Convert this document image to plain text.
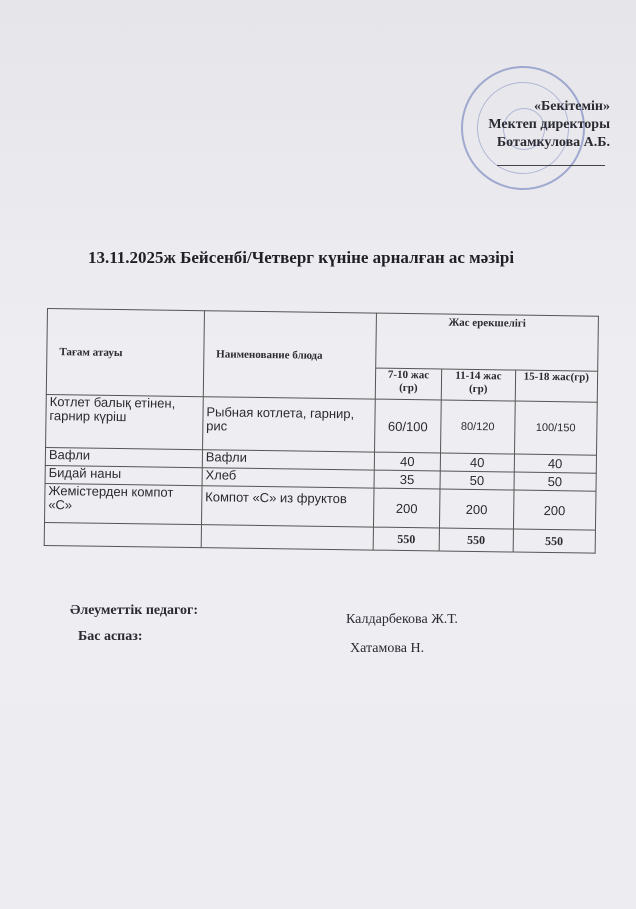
«Бекітемін»
Мектеп директоры
Ботамкулова А.Б.
13.11.2025ж Бейсенбі/Четверг күніне арналған ас мәзірі
Тағам атауы	Наименование блюда	Жас ерекшелігі		
		7-10 жас (гр)	11-14 жас (гр)	15-18 жас(гр)
Котлет балық етінен, гарнир күріш	Рыбная котлета, гарнир, рис	60/100	80/120	100/150
Вафли	Вафли	40	40	40
Бидай наны	Хлеб	35	50	50
Жемістерден компот «С»	Компот «С» из фруктов	200	200	200
		550	550	550
Әлеуметтік педагог:
Калдарбекова Ж.Т.
Бас аспаз:
Хатамова Н.
